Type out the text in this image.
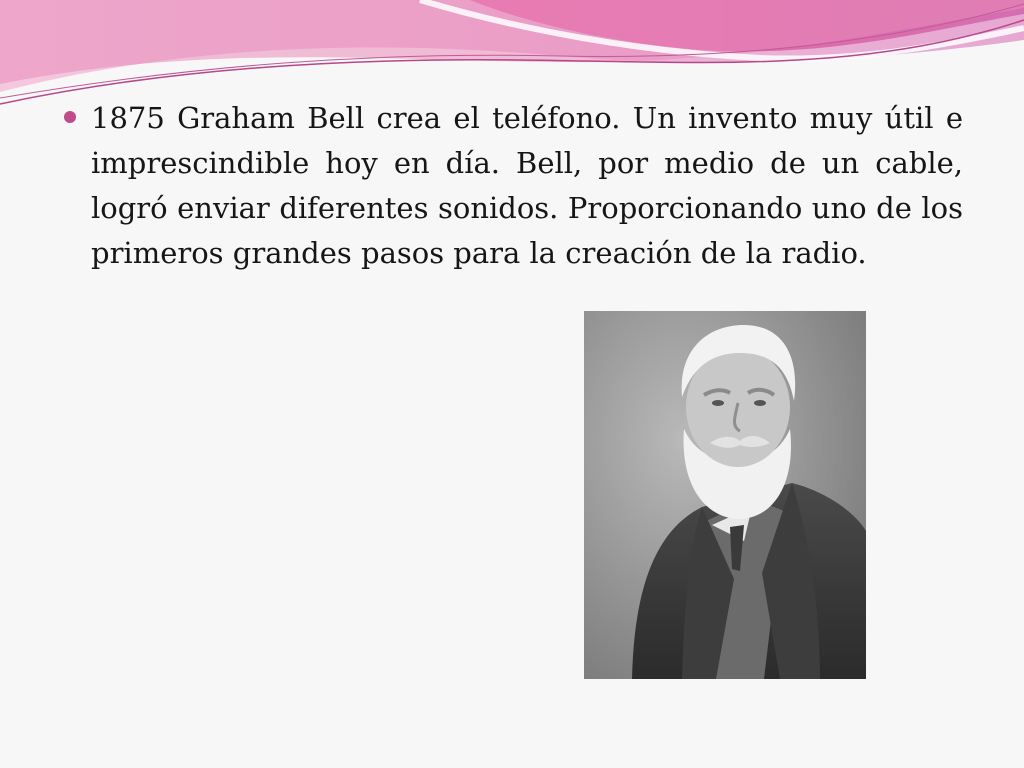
1875 Graham Bell crea el teléfono. Un invento muy útil e imprescindible hoy en día. Bell, por medio de un cable, logró enviar diferentes sonidos. Proporcionando uno de los primeros grandes pasos para la creación de la radio.
